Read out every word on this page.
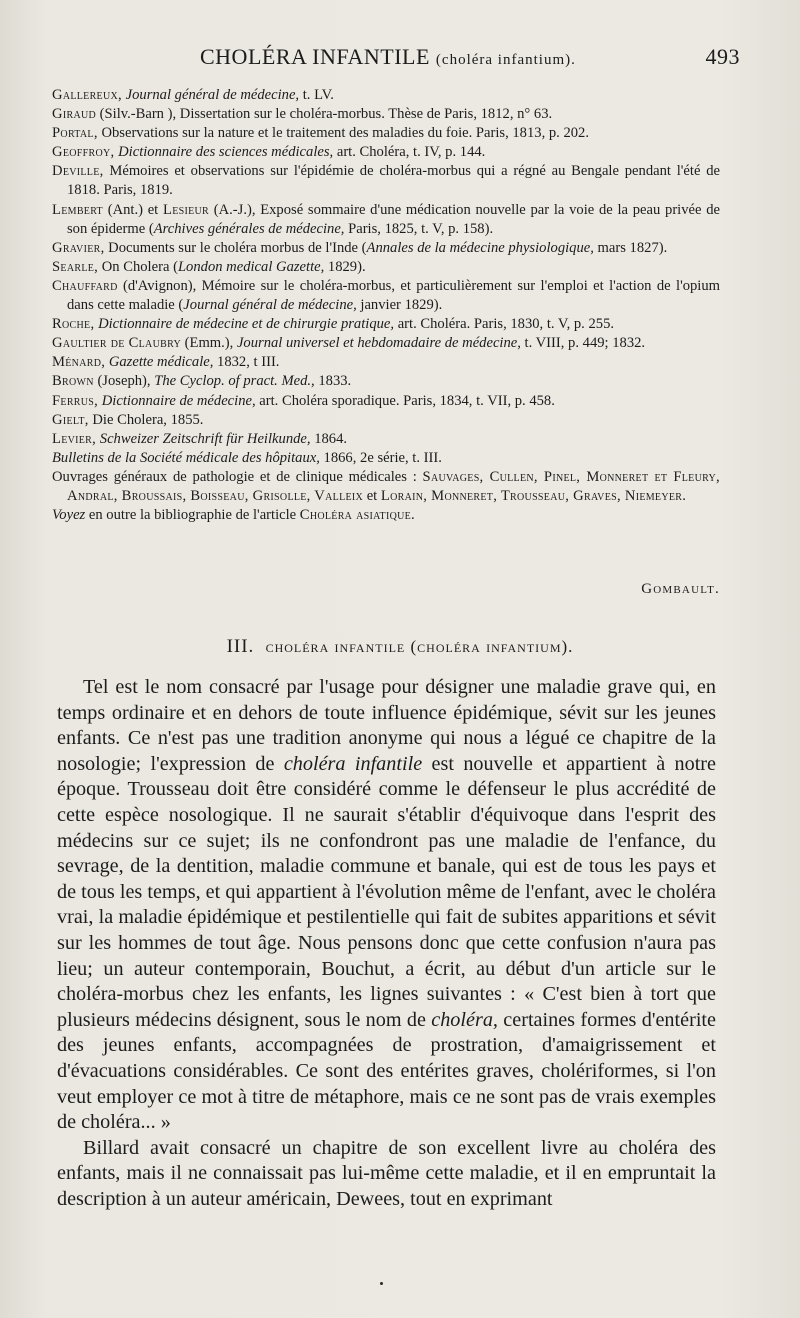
CHOLÉRA INFANTILE (choléra infantium).	493

Gallereux, Journal général de médecine, t. LV.

Giraud (Silv.-Barn ), Dissertation sur le choléra-morbus. Thèse de Paris, 1812, n° 63.

Portal, Observations sur la nature et le traitement des maladies du foie. Paris, 1813, p. 202.

Geoffroy, Dictionnaire des sciences médicales, art. Choléra, t. IV, p. 144.

Deville, Mémoires et observations sur l'épidémie de choléra-morbus qui a régné au Bengale pendant l'été de 1818. Paris, 1819.

Lembert (Ant.) et Lesieur (A.-J.), Exposé sommaire d'une médication nouvelle par la voie de la peau privée de son épiderme (Archives générales de médecine, Paris, 1825, t. V, p. 158).

Gravier, Documents sur le choléra morbus de l'Inde (Annales de la médecine physiologique, mars 1827).

Searle, On Cholera (London medical Gazette, 1829).

Chauffard (d'Avignon), Mémoire sur le choléra-morbus, et particulièrement sur l'emploi et l'action de l'opium dans cette maladie (Journal général de médecine, janvier 1829).

Roche, Dictionnaire de médecine et de chirurgie pratique, art. Choléra. Paris, 1830, t. V, p. 255.

Gaultier de Claubry (Emm.), Journal universel et hebdomadaire de médecine, t. VIII, p. 449; 1832.

Ménard, Gazette médicale, 1832, t III.

Brown (Joseph), The Cyclop. of pract. Med., 1833.

Ferrus, Dictionnaire de médecine, art. Choléra sporadique. Paris, 1834, t. VII, p. 458.

Gielt, Die Cholera, 1855.

Levier, Schweizer Zeitschrift für Heilkunde, 1864.

Bulletins de la Société médicale des hôpitaux, 1866, 2e série, t. III.

Ouvrages généraux de pathologie et de clinique médicales : Sauvages, Cullen, Pinel, Monneret et Fleury, Andral, Broussais, Boisseau, Grisolle, Valleix et Lorain, Monneret, Trousseau, Graves, Niemeyer.

Voyez en outre la bibliographie de l'article Choléra asiatique.

Gombault.
III. choléra infantile (choléra infantium).

Tel est le nom consacré par l'usage pour désigner une maladie grave qui, en temps ordinaire et en dehors de toute influence épidémique, sévit sur les jeunes enfants. Ce n'est pas une tradition anonyme qui nous a légué ce chapitre de la nosologie; l'expression de choléra infantile est nouvelle et appartient à notre époque. Trousseau doit être considéré comme le défenseur le plus accrédité de cette espèce nosologique. Il ne saurait s'établir d'équivoque dans l'esprit des médecins sur ce sujet; ils ne confondront pas une maladie de l'enfance, du sevrage, de la dentition, maladie commune et banale, qui est de tous les pays et de tous les temps, et qui appartient à l'évolution même de l'enfant, avec le choléra vrai, la maladie épidémique et pestilentielle qui fait de subites apparitions et sévit sur les hommes de tout âge. Nous pensons donc que cette confusion n'aura pas lieu; un auteur contemporain, Bouchut, a écrit, au début d'un article sur le choléra-morbus chez les enfants, les lignes suivantes : « C'est bien à tort que plusieurs médecins désignent, sous le nom de choléra, certaines formes d'entérite des jeunes enfants, accompagnées de prostration, d'amaigrissement et d'évacuations considérables. Ce sont des entérites graves, cholériformes, si l'on veut employer ce mot à titre de métaphore, mais ce ne sont pas de vrais exemples de choléra... »

Billard avait consacré un chapitre de son excellent livre au choléra des enfants, mais il ne connaissait pas lui-même cette maladie, et il en empruntait la description à un auteur américain, Dewees, tout en exprimant
